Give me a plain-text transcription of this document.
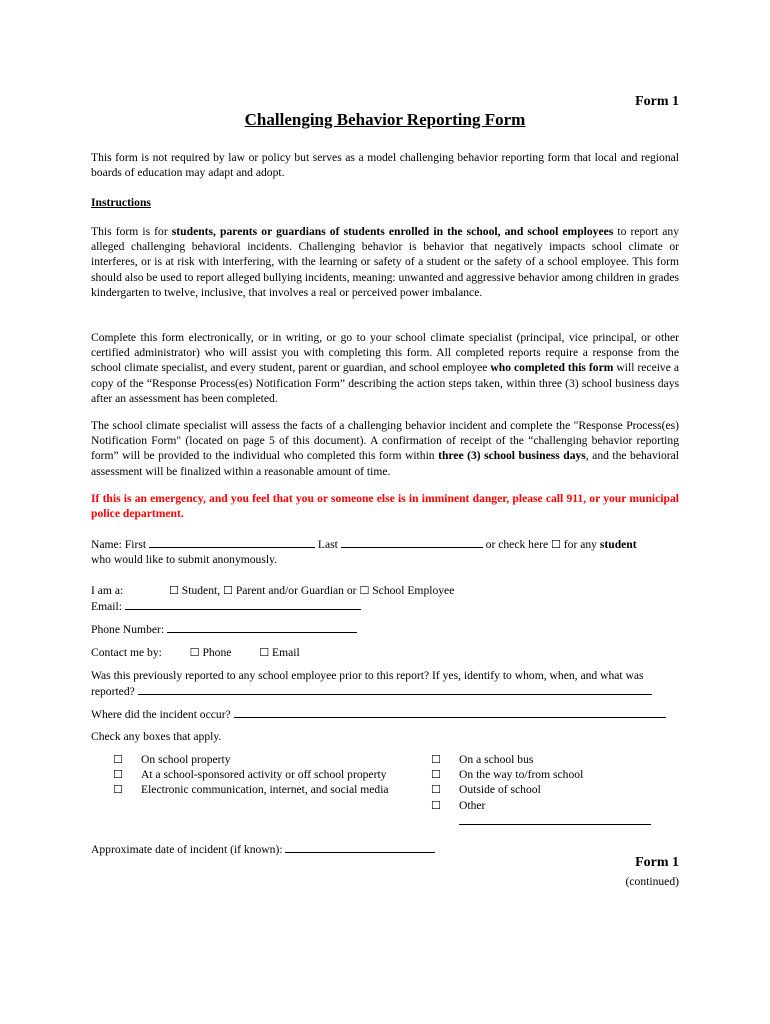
Form 1
Challenging Behavior Reporting Form
This form is not required by law or policy but serves as a model challenging behavior reporting form that local and regional boards of education may adapt and adopt.
Instructions
This form is for students, parents or guardians of students enrolled in the school, and school employees to report any alleged challenging behavioral incidents. Challenging behavior is behavior that negatively impacts school climate or interferes, or is at risk with interfering, with the learning or safety of a student or the safety of a school employee. This form should also be used to report alleged bullying incidents, meaning: unwanted and aggressive behavior among children in grades kindergarten to twelve, inclusive, that involves a real or perceived power imbalance.
Complete this form electronically, or in writing, or go to your school climate specialist (principal, vice principal, or other certified administrator) who will assist you with completing this form. All completed reports require a response from the school climate specialist, and every student, parent or guardian, and school employee who completed this form will receive a copy of the “Response Process(es) Notification Form” describing the action steps taken, within three (3) school business days after an assessment has been completed.
The school climate specialist will assess the facts of a challenging behavior incident and complete the "Response Process(es) Notification Form" (located on page 5 of this document). A confirmation of receipt of the “challenging behavior reporting form” will be provided to the individual who completed this form within three (3) school business days, and the behavioral assessment will be finalized within a reasonable amount of time.
If this is an emergency, and you feel that you or someone else is in imminent danger, please call 911, or your municipal police department.
Name: First	Last	or check here ☐ for any student
who would like to submit anonymously.
I am a:	☐ Student, ☐ Parent and/or Guardian or ☐ School Employee
Email:
Phone Number:
Contact me by:	☐ Phone	☐ Email
Was this previously reported to any school employee prior to this report? If yes, identify to whom, when, and what was reported?
Where did the incident occur?
Check any boxes that apply.
☐	On school property
☐	At a school-sponsored activity or off school property
☐	Electronic communication, internet, and social media
☐	On a school bus
☐	On the way to/from school
☐	Outside of school
☐	Other
Approximate date of incident (if known):
Form 1
(continued)
